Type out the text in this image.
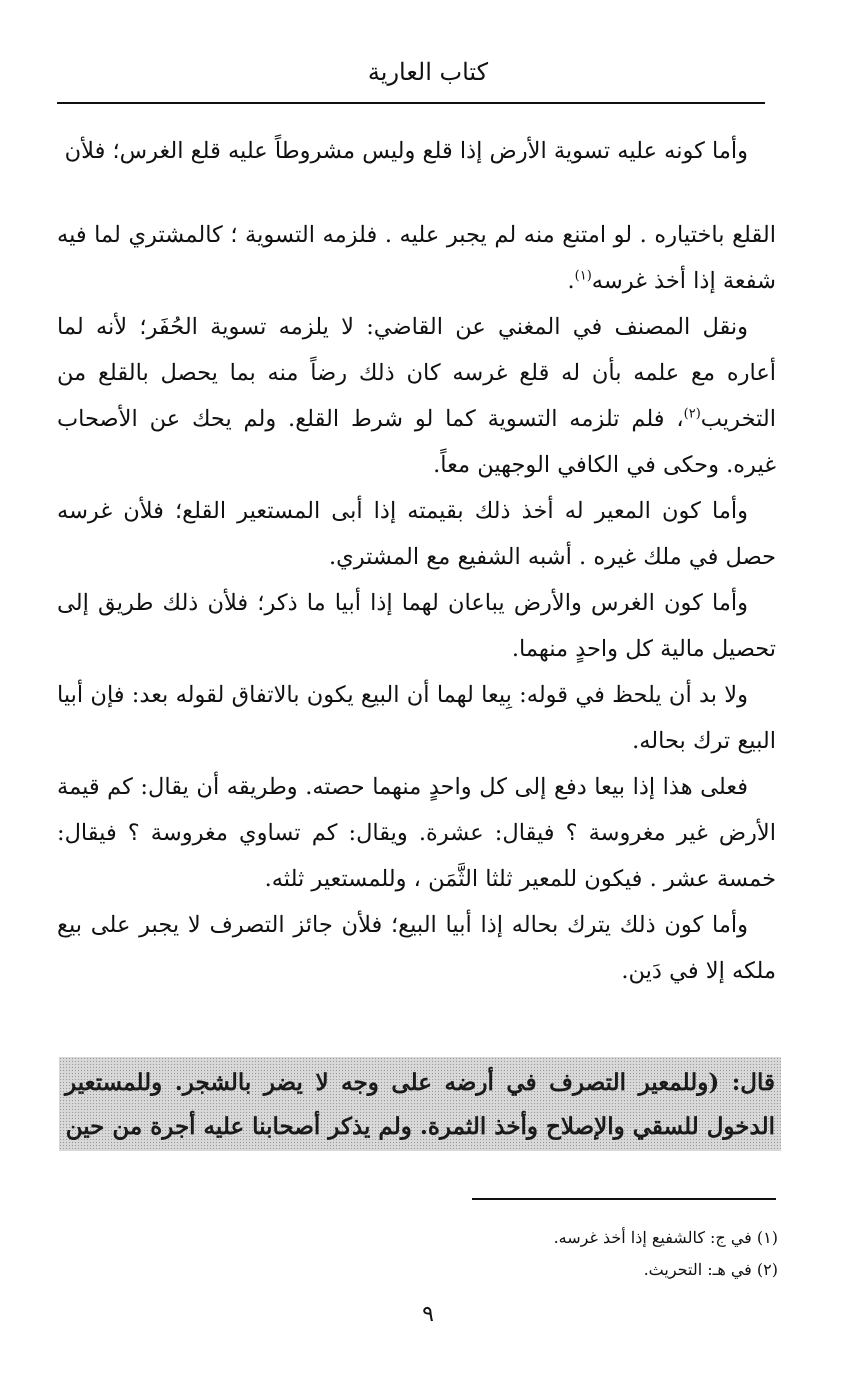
كتاب العارية

وأما كونه عليه تسوية الأرض إذا قلع وليس مشروطاً عليه قلع الغرس؛ فلأن

القلع باختياره . لو امتنع منه لم يجبر عليه . فلزمه التسوية ؛ كالمشتري لما فيه شفعة إذا أخذ غرسه$^{(١)}$.

ونقل المصنف في المغني عن القاضي: لا يلزمه تسوية الحُفَر؛ لأنه لما أعاره مع علمه بأن له قلع غرسه كان ذلك رضاً منه بما يحصل بالقلع من التخريب$^{(٢)}$، فلم تلزمه التسوية كما لو شرط القلع. ولم يحك عن الأصحاب غيره. وحكى في الكافي الوجهين معاً.

وأما كون المعير له أخذ ذلك بقيمته إذا أبى المستعير القلع؛ فلأن غرسه حصل في ملك غيره . أشبه الشفيع مع المشتري.

وأما كون الغرس والأرض يباعان لهما إذا أبيا ما ذكر؛ فلأن ذلك طريق إلى تحصيل مالية كل واحدٍ منهما.

ولا بد أن يلحظ في قوله: بِيعا لهما أن البيع يكون بالاتفاق لقوله بعد: فإن أبيا البيع ترك بحاله.

فعلى هذا إذا بيعا دفع إلى كل واحدٍ منهما حصته. وطريقه أن يقال: كم قيمة الأرض غير مغروسة ؟ فيقال: عشرة. ويقال: كم تساوي مغروسة ؟ فيقال: خمسة عشر . فيكون للمعير ثلثا الثَّمَن ، وللمستعير ثلثه.

وأما كون ذلك يترك بحاله إذا أبيا البيع؛ فلأن جائز التصرف لا يجبر على بيع ملكه إلا في دَين.

قال: (وللمعير التصرف في أرضه على وجه لا يضر بالشجر. وللمستعير الدخول للسقي والإصلاح وأخذ الثمرة. ولم يذكر أصحابنا عليه أجرة من حين

(١) في ج: كالشفيع إذا أخذ غرسه.

(٢) في هـ: التحريث.

٩
